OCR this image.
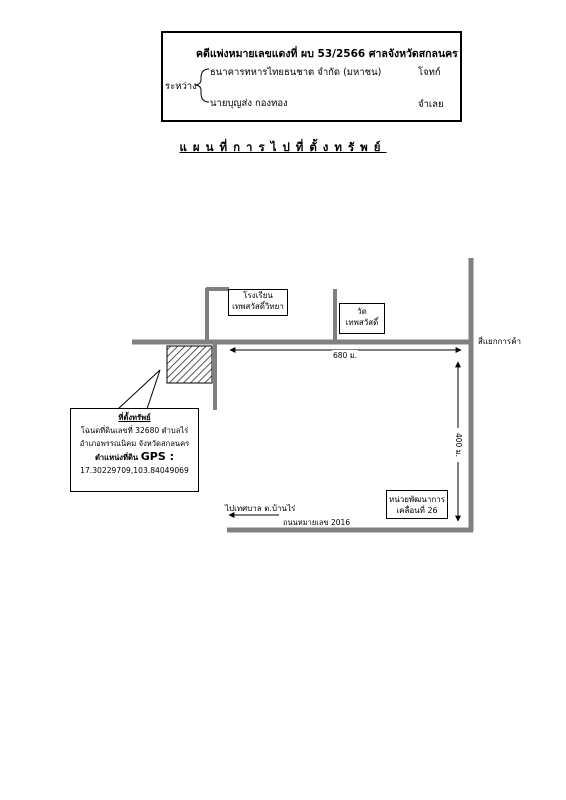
คดีแพ่งหมายเลขแดงที่ ผบ 53/2566 ศาลจังหวัดสกลนคร
ธนาคารทหารไทยธนชาต จำกัด (มหาชน)	โจทก์
ระหว่าง
นายบุญส่ง กองทอง	จำเลย
แผนที่การไปที่ตั้งทรัพย์
โรงเรียน
เทพสวัสดิ์วิทยา
วัด
เทพสวัสดิ์
สี่แยกการค้า
680 ม.
400 ม.
หน่วยพัฒนาการ
เคลื่อนที่ 26
ไปเทศบาล ต.บ้านไร่
ถนนหมายเลข 2016
ที่ตั้งทรัพย์
โฉนดที่ดินเลขที่ 32680 ตำบลไร่
อำเภอพรรณนิคม จังหวัดสกลนคร
ตำแหน่งที่ดิน GPS :
17.30229709,103.84049069
